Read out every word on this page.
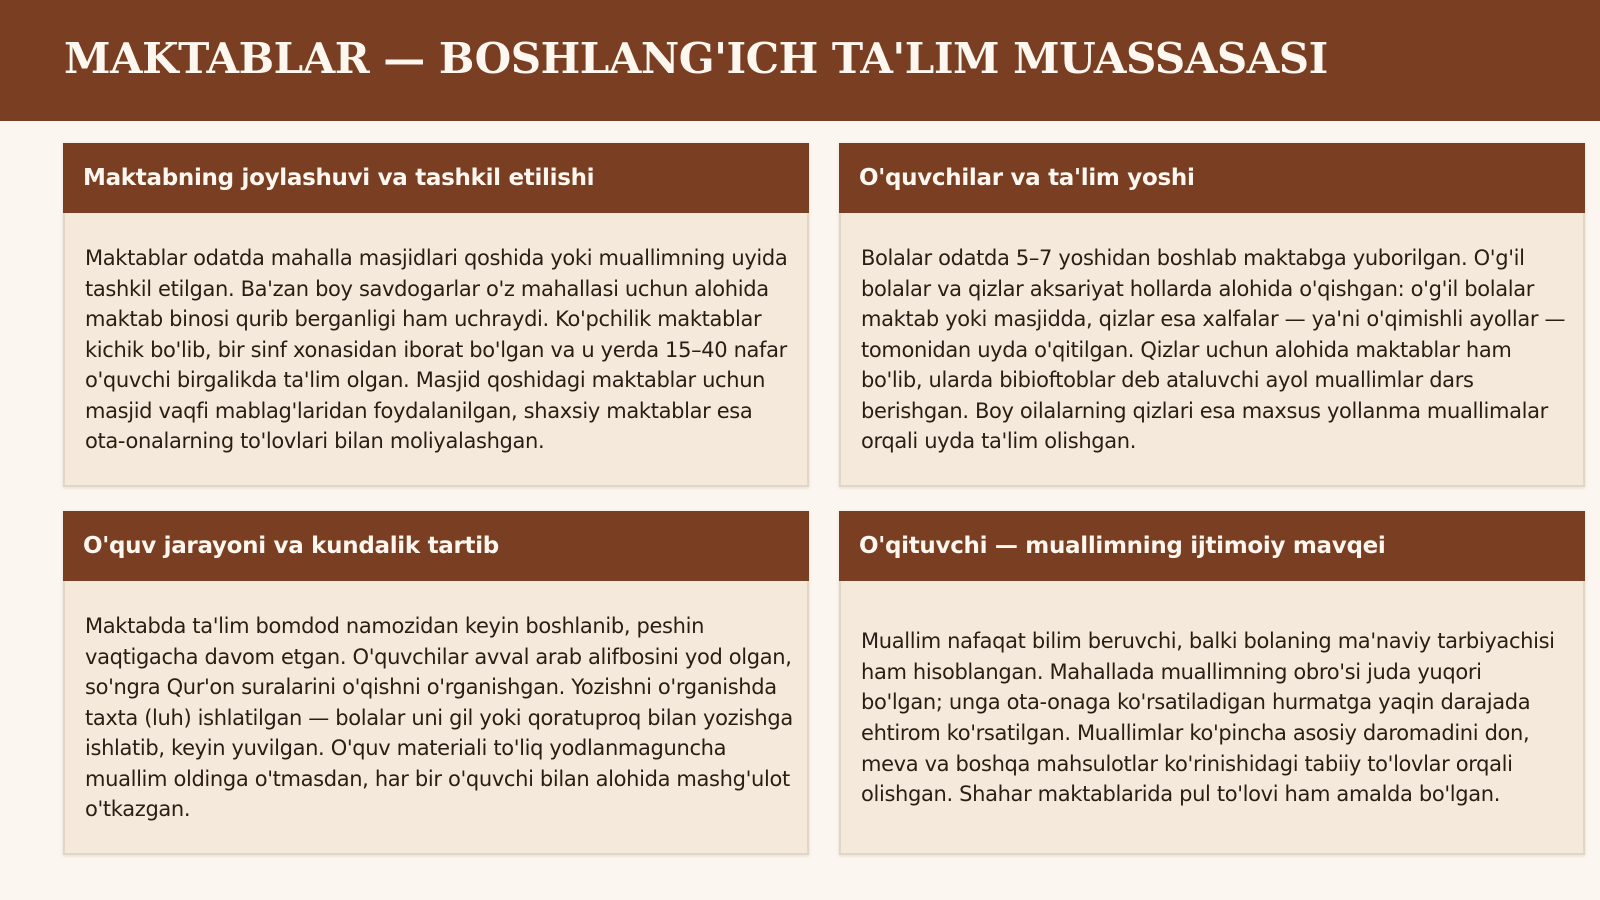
MAKTABLAR — BOSHLANG'ICH TA'LIM MUASSASASI
Maktabning joylashuvi va tashkil etilishi

Maktablar odatda mahalla masjidlari qoshida yoki muallimning uyida tashkil etilgan. Ba'zan boy savdogarlar o'z mahallasi uchun alohida maktab binosi qurib berganligi ham uchraydi. Ko'pchilik maktablar kichik bo'lib, bir sinf xonasidan iborat bo'lgan va u yerda 15–40 nafar o'quvchi birgalikda ta'lim olgan. Masjid qoshidagi maktablar uchun masjid vaqfi mablag'laridan foydalanilgan, shaxsiy maktablar esa ota-onalarning to'lovlari bilan moliyalashgan.

O'quvchilar va ta'lim yoshi

Bolalar odatda 5–7 yoshidan boshlab maktabga yuborilgan. O'g'il bolalar va qizlar aksariyat hollarda alohida o'qishgan: o'g'il bolalar maktab yoki masjidda, qizlar esa xalfalar — ya'ni o'qimishli ayollar — tomonidan uyda o'qitilgan. Qizlar uchun alohida maktablar ham bo'lib, ularda bibioftoblar deb ataluvchi ayol muallimlar dars berishgan. Boy oilalarning qizlari esa maxsus yollanma muallimalar orqali uyda ta'lim olishgan.

O'quv jarayoni va kundalik tartib

Maktabda ta'lim bomdod namozidan keyin boshlanib, peshin vaqtigacha davom etgan. O'quvchilar avval arab alifbosini yod olgan, so'ngra Qur'on suralarini o'qishni o'rganishgan. Yozishni o'rganishda taxta (luh) ishlatilgan — bolalar uni gil yoki qoratuproq bilan yozishga ishlatib, keyin yuvilgan. O'quv materiali to'liq yodlanmaguncha muallim oldinga o'tmasdan, har bir o'quvchi bilan alohida mashg'ulot o'tkazgan.

O'qituvchi — muallimning ijtimoiy mavqei

Muallim nafaqat bilim beruvchi, balki bolaning ma'naviy tarbiyachisi ham hisoblangan. Mahallada muallimning obro'si juda yuqori bo'lgan; unga ota-onaga ko'rsatiladigan hurmatga yaqin darajada ehtirom ko'rsatilgan. Muallimlar ko'pincha asosiy daromadini don, meva va boshqa mahsulotlar ko'rinishidagi tabiiy to'lovlar orqali olishgan. Shahar maktablarida pul to'lovi ham amalda bo'lgan.
